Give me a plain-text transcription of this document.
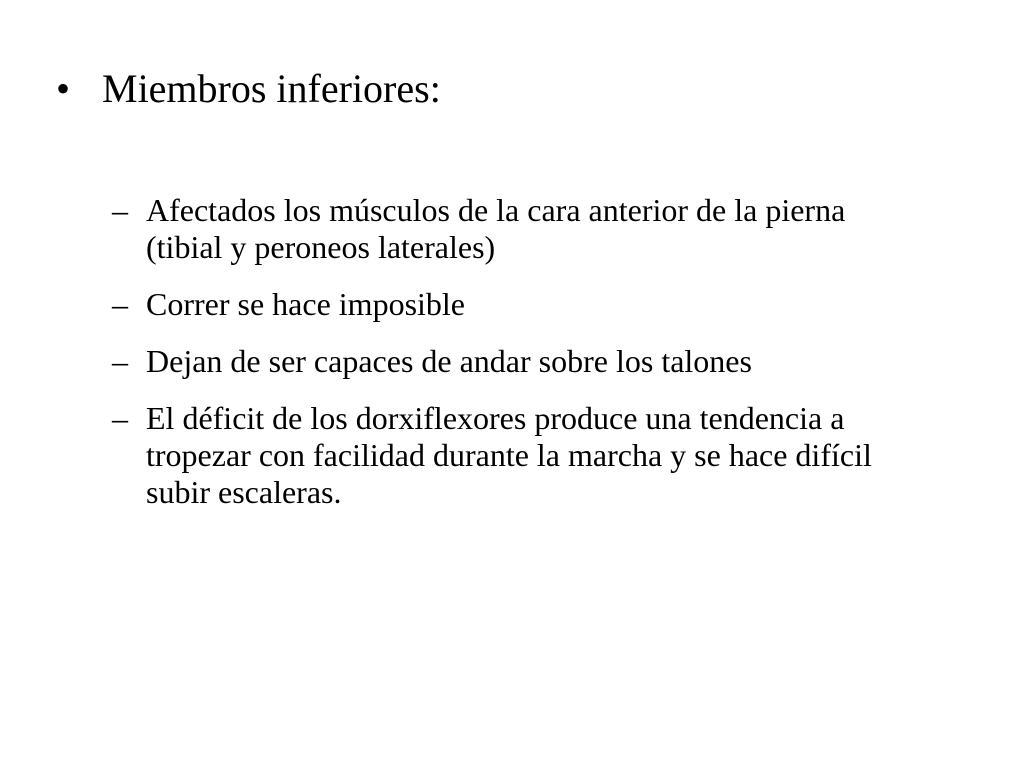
• Miembros inferiores:
– Afectados los músculos de la cara anterior de la pierna (tibial y peroneos laterales)
– Correr se hace imposible
– Dejan de ser capaces de andar sobre los talones
– El déficit de los dorxiflexores produce una tendencia a tropezar con facilidad durante la marcha y se hace difícil subir escaleras.
